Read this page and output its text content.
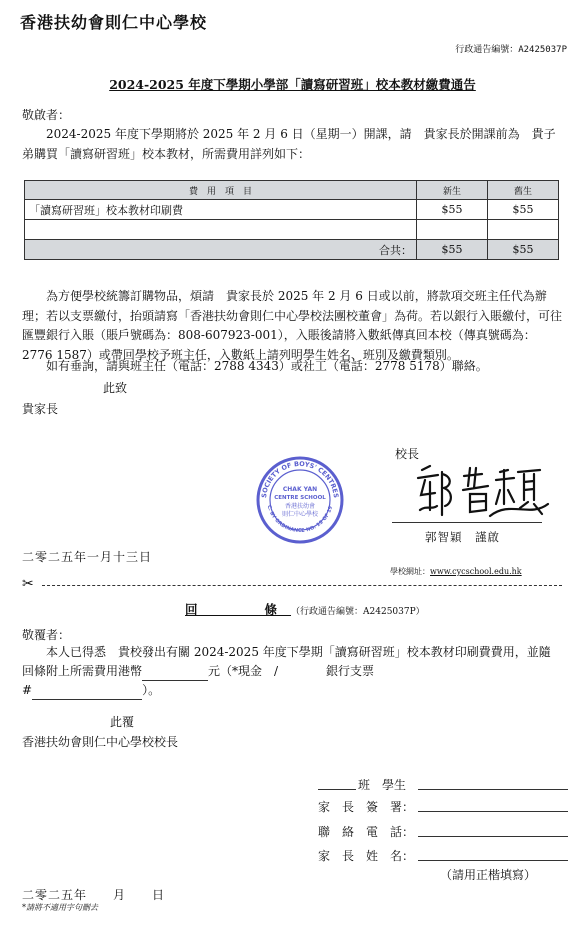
香港扶幼會則仁中心學校
行政通告編號：A2425037P
2024-2025 年度下學期小學部「讀寫研習班」校本教材繳費通告
敬啟者：
2024-2025 年度下學期將於 2025 年 2 月 6 日（星期一）開課，請　貴家長於開課前為　貴子弟購買「讀寫研習班」校本教材，所需費用詳列如下：
費　用　項　目	新生	舊生
「讀寫研習班」校本教材印刷費	$55	$55

合共：	$55	$55
為方便學校統籌訂購物品，煩請　貴家長於 2025 年 2 月 6 日或以前，將款項交班主任代為辦理；若以支票繳付，抬頭請寫「香港扶幼會則仁中心學校法團校董會」為荷。若以銀行入賬繳付，可往匯豐銀行入賬（賬戶號碼為：808-607923-001），入賬後請將入數紙傳真回本校（傳真號碼為：2776 1587）或帶回學校予班主任，入數紙上請列明學生姓名、班別及繳費類別。
如有垂詢，請與班主任（電話：2788 4343）或社工（電話：2778 5178）聯絡。
此致
貴家長
校長
SOCIETY OF BOYS' CENTRES
C. BY ORDINANCE NO. 1S OF 19
CHAK YAN
CENTRE SCHOOL
香港扶幼會
則仁中心學校
郭智穎　謹啟
二零二五年一月十三日
學校網址：www.cycschool.edu.hk
✂
回　　條（行政通告編號：A2425037P）
敬覆者：
本人已得悉　貴校發出有關 2024-2025 年度下學期「讀寫研習班」校本教材印刷費費用，並隨回條附上所需費用港幣	元（*現金　/　　　　銀行支票
#	）。
此覆
香港扶幼會則仁中心學校校長
班　學生
家　長　簽　署：
聯　絡　電　話：
家　長　姓　名：
（請用正楷填寫）
二零二五年　　月　　日
*請將不適用字句刪去
